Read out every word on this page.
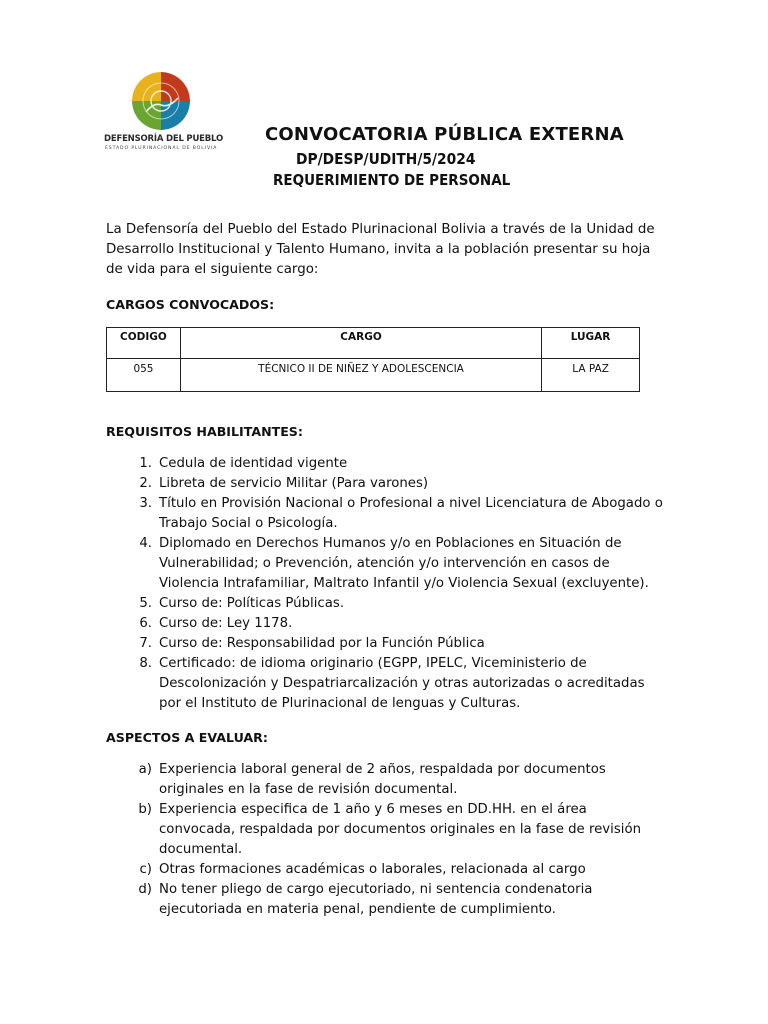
DEFENSORÍA DEL PUEBLO
ESTADO PLURINACIONAL DE BOLIVIA
CONVOCATORIA PÚBLICA EXTERNA
DP/DESP/UDITH/5/2024
REQUERIMIENTO DE PERSONAL
La Defensoría del Pueblo del Estado Plurinacional Bolivia a través de la Unidad de Desarrollo Institucional y Talento Humano, invita a la población presentar su hoja de vida para el siguiente cargo:
CARGOS CONVOCADOS:
CODIGO	CARGO	LUGAR
055	TÉCNICO II DE NIÑEZ Y ADOLESCENCIA	LA PAZ
REQUISITOS HABILITANTES:
1. Cedula de identidad vigente
2. Libreta de servicio Militar (Para varones)
3. Título en Provisión Nacional o Profesional a nivel Licenciatura de Abogado o Trabajo Social o Psicología.
4. Diplomado en Derechos Humanos y/o en Poblaciones en Situación de Vulnerabilidad; o Prevención, atención y/o intervención en casos de Violencia Intrafamiliar, Maltrato Infantil y/o Violencia Sexual (excluyente).
5. Curso de: Políticas Públicas.
6. Curso de: Ley 1178.
7. Curso de: Responsabilidad por la Función Pública
8. Certificado: de idioma originario (EGPP, IPELC, Viceministerio de Descolonización y Despatriarcalización y otras autorizadas o acreditadas por el Instituto de Plurinacional de lenguas y Culturas.
ASPECTOS A EVALUAR:
a) Experiencia laboral general de 2 años, respaldada por documentos originales en la fase de revisión documental.
b) Experiencia especifica de 1 año y 6 meses en DD.HH. en el área convocada, respaldada por documentos originales en la fase de revisión documental.
c) Otras formaciones académicas o laborales, relacionada al cargo
d) No tener pliego de cargo ejecutoriado, ni sentencia condenatoria ejecutoriada en materia penal, pendiente de cumplimiento.
